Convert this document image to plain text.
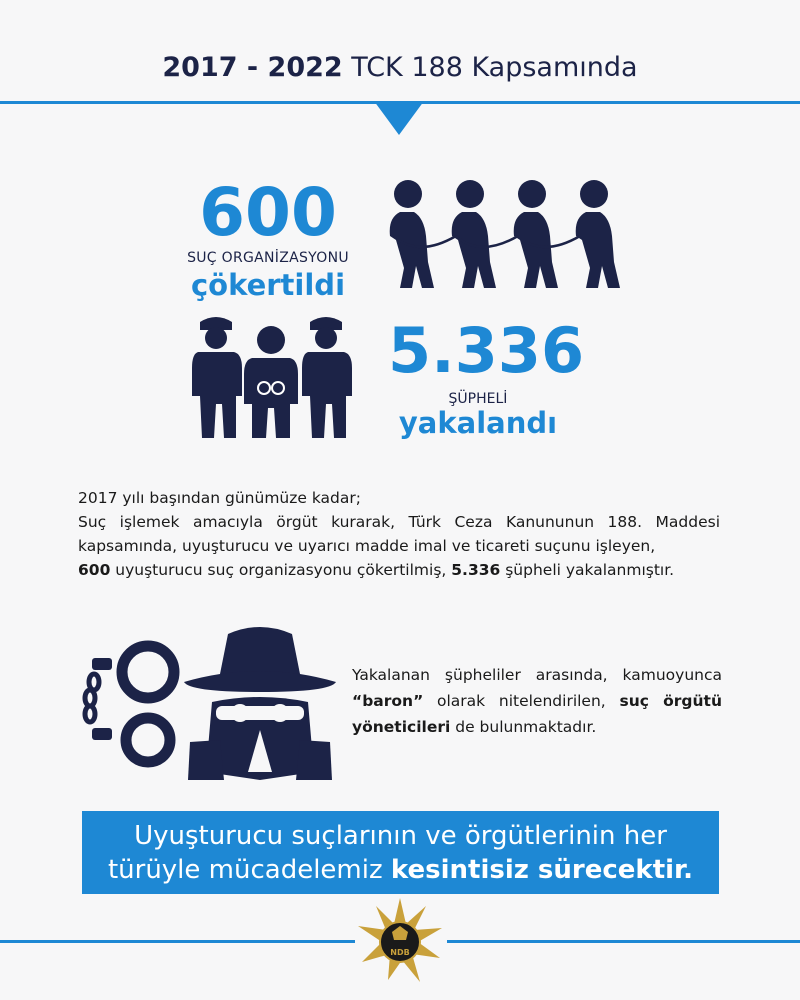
2017 - 2022 TCK 188 Kapsamında
600
SUÇ ORGANİZASYONU
çökertildi
5.336
ŞÜPHELİ
yakalandı

2017 yılı başından günümüze kadar;

Suç işlemek amacıyla örgüt kurarak, Türk Ceza Kanununun 188. Maddesi kapsamında, uyuşturucu ve uyarıcı madde imal ve ticareti suçunu işleyen,
600 uyuşturucu suç organizasyonu çökertilmiş, 5.336 şüpheli yakalanmıştır.

Yakalanan şüpheliler arasında, kamuoyunca
“baron” olarak nitelendirilen, suç örgütü
yöneticileri de bulunmaktadır.
Uyuşturucu suçlarının ve örgütlerinin her
türüyle mücadelemiz kesintisiz sürecektir.
NDB
